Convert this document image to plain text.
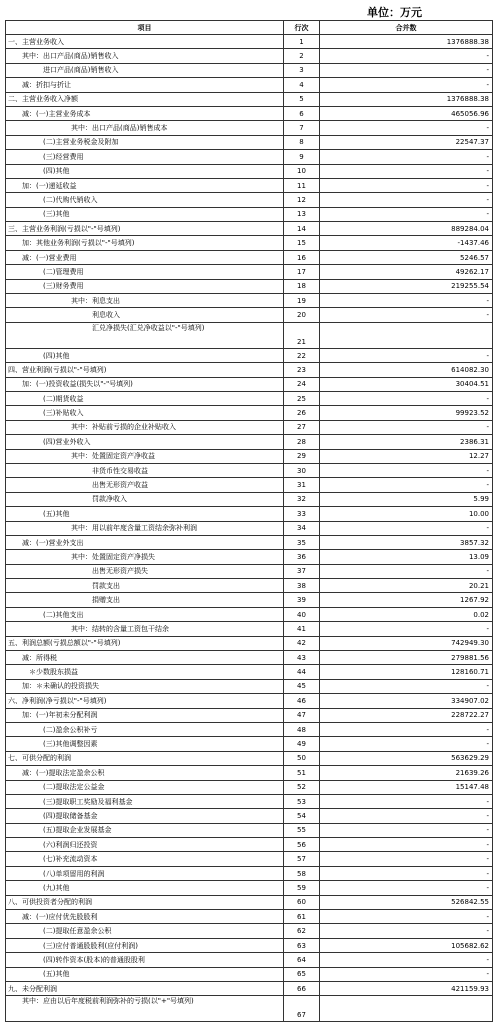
单位：万元
项目	行次	合并数
一、主营业务收入	1	1376888.38
其中：出口产品(商品)销售收入	2	-
进口产品(商品)销售收入	3	-
减：折扣与折让	4	-
二、主营业务收入净额	5	1376888.38
减：(一)主营业务成本	6	465056.96
其中：出口产品(商品)销售成本	7	-
(二)主营业务税金及附加	8	22547.37
(三)经营费用	9	-
(四)其他	10	-
加：(一)递延收益	11	-
(二)代购代销收入	12	-
(三)其他	13	-
三、主营业务利润(亏损以"-"号填列)	14	889284.04
加：其他业务利润(亏损以"-"号填列)	15	-1437.46
减：(一)营业费用	16	5246.57
(二)管理费用	17	49262.17
(三)财务费用	18	219255.54
其中：利息支出	19	-
利息收入	20	-
汇兑净损失(汇兑净收益以"-"号填列)	21	
(四)其他	22	-
四、营业利润(亏损以"-"号填列)	23	614082.30
加：(一)投资收益(损失以"-"号填列)	24	30404.51
(二)期货收益	25	-
(三)补贴收入	26	99923.52
其中：补贴前亏损的企业补贴收入	27	-
(四)营业外收入	28	2386.31
其中：处置固定资产净收益	29	12.27
非货币性交易收益	30	-
出售无形资产收益	31	-
罚款净收入	32	5.99
(五)其他	33	10.00
其中：用以前年度含量工资结余弥补利润	34	-
减：(一)营业外支出	35	3857.32
其中：处置固定资产净损失	36	13.09
出售无形资产损失	37	-
罚款支出	38	20.21
捐赠支出	39	1267.92
(二)其他支出	40	0.02
其中：结转的含量工资包干结余	41	-
五、利润总额(亏损总额以"-"号填列)	42	742949.30
减：所得税	43	279881.56
＊少数股东损益	44	128160.71
加：＊未确认的投资损失	45	-
六、净利润(净亏损以"-"号填列)	46	334907.02
加：(一)年初未分配利润	47	228722.27
(二)盈余公积补亏	48	-
(三)其他调整因素	49	-
七、可供分配的利润	50	563629.29
减：(一)提取法定盈余公积	51	21639.26
(二)提取法定公益金	52	15147.48
(三)提取职工奖励及福利基金	53	-
(四)提取储备基金	54	-
(五)提取企业发展基金	55	-
(六)利润归还投资	56	-
(七)补充流动资本	57	-
(八)单项留用的利润	58	-
(九)其他	59	-
八、可供投资者分配的利润	60	526842.55
减：(一)应付优先股股利	61	-
(二)提取任意盈余公积	62	-
(三)应付普通股股利(应付利润)	63	105682.62
(四)转作资本(股本)的普通股股利	64	-
(五)其他	65	-
九、未分配利润	66	421159.93
其中：应由以后年度税前利润弥补的亏损(以"+"号填列)	67	
